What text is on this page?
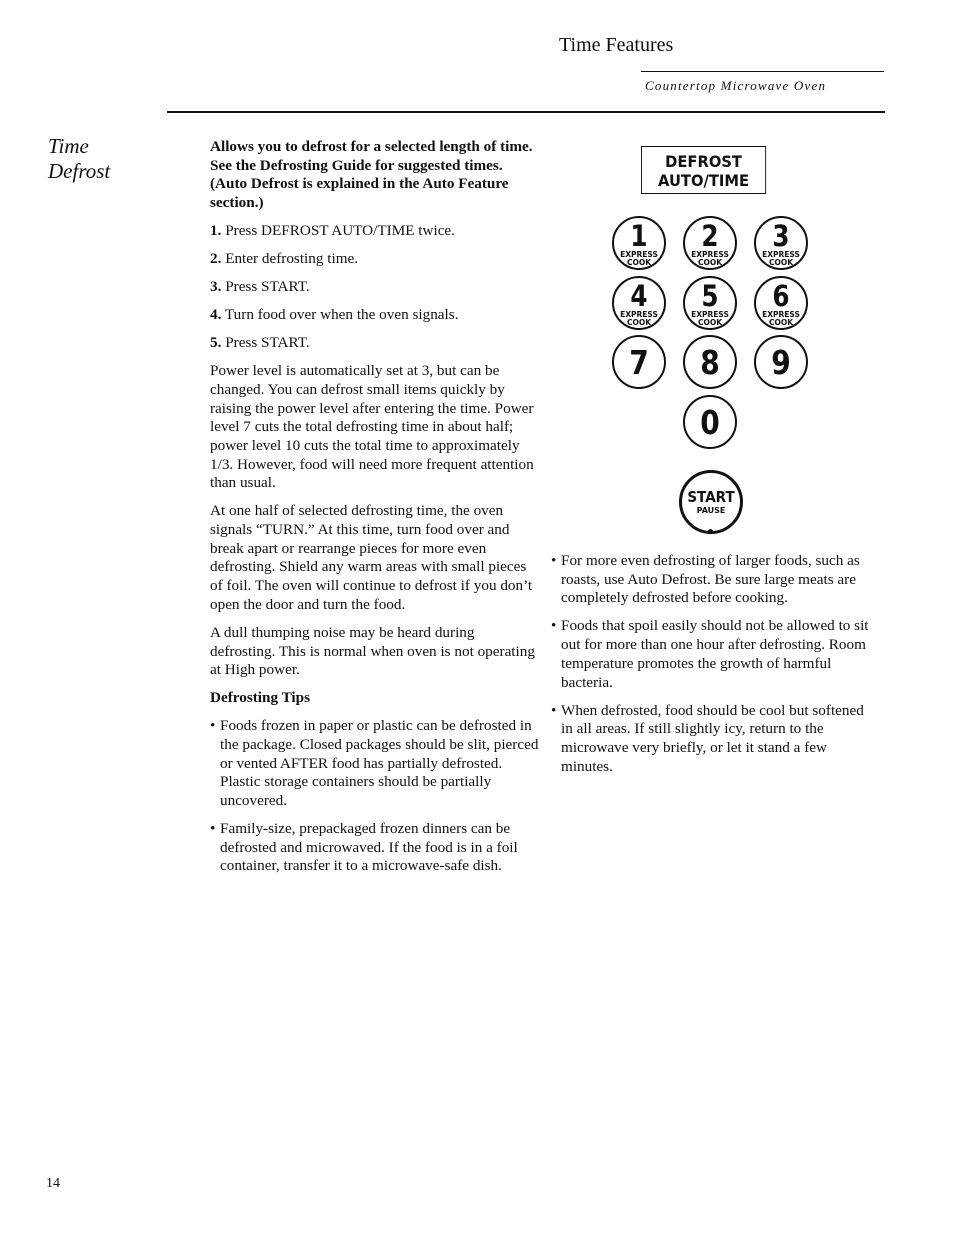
Time Features
Countertop Microwave Oven
Time
Defrost

Allows you to defrost for a selected length of time. See the Defrosting Guide for suggested times. (Auto Defrost is explained in the Auto Feature section.)

1. Press DEFROST AUTO/TIME twice.
2. Enter defrosting time.
3. Press START.
4. Turn food over when the oven signals.
5. Press START.

Power level is automatically set at 3, but can be changed. You can defrost small items quickly by raising the power level after entering the time. Power level 7 cuts the total defrosting time in about half; power level 10 cuts the total time to approximately 1/3. However, food will need more frequent attention than usual.

At one half of selected defrosting time, the oven signals “TURN.” At this time, turn food over and break apart or rearrange pieces for more even defrosting. Shield any warm areas with small pieces of foil. The oven will continue to defrost if you don’t open the door and turn the food.

A dull thumping noise may be heard during defrosting. This is normal when oven is not operating at High power.

Defrosting Tips

• Foods frozen in paper or plastic can be defrosted in the package. Closed packages should be slit, pierced or vented AFTER food has partially defrosted. Plastic storage containers should be partially uncovered.
• Family-size, prepackaged frozen dinners can be defrosted and microwaved. If the food is in a foil container, transfer it to a microwave-safe dish.
DEFROST
AUTO/TIME
1
EXPRESS
COOK
2
EXPRESS
COOK
3
EXPRESS
COOK
4
EXPRESS
COOK
5
EXPRESS
COOK
6
EXPRESS
COOK
7	8	9
0
START
PAUSE
• For more even defrosting of larger foods, such as roasts, use Auto Defrost. Be sure large meats are completely defrosted before cooking.
• Foods that spoil easily should not be allowed to sit out for more than one hour after defrosting. Room temperature promotes the growth of harmful bacteria.
• When defrosted, food should be cool but softened in all areas. If still slightly icy, return to the microwave very briefly, or let it stand a few minutes.
14
